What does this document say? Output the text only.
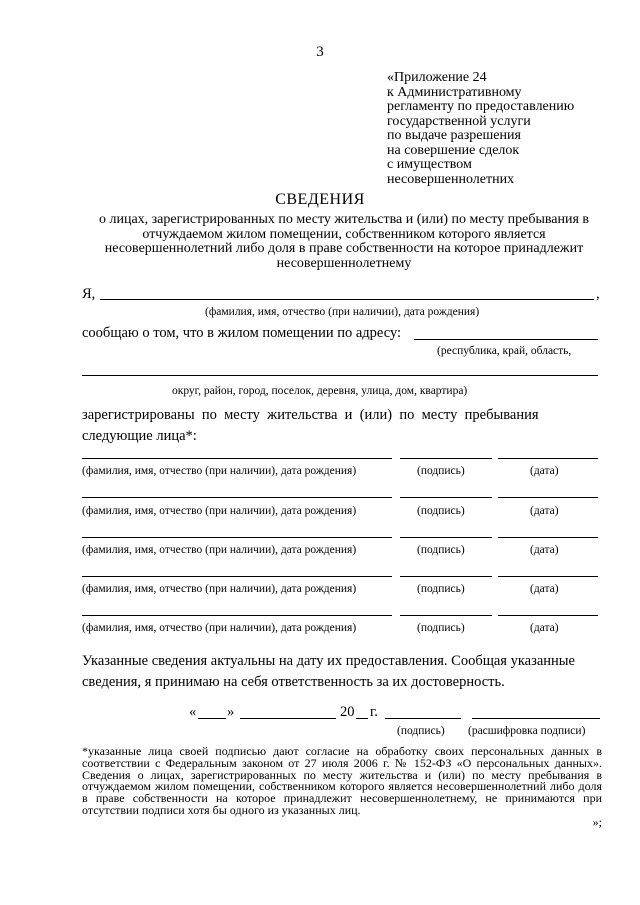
3
«Приложение 24
к Административному
регламенту по предоставлению
государственной услуги
по выдаче разрешения
на совершение сделок
с имуществом
несовершеннолетних
СВЕДЕНИЯ
о лицах, зарегистрированных по месту жительства и (или) по месту пребывания в отчуждаемом жилом помещении, собственником которого является несовершеннолетний либо доля в праве собственности на которое принадлежит несовершеннолетнему
Я,	,
(фамилия, имя, отчество (при наличии), дата рождения)
сообщаю о том, что в жилом помещении по адресу:
(республика, край, область,
округ, район, город, поселок, деревня, улица, дом, квартира)
зарегистрированы  по  месту  жительства  и  (или)  по  месту  пребывания
следующие лица*:
(фамилия, имя, отчество (при наличии), дата рождения)	(подпись)	(дата)
(фамилия, имя, отчество (при наличии), дата рождения)	(подпись)	(дата)
(фамилия, имя, отчество (при наличии), дата рождения)	(подпись)	(дата)
(фамилия, имя, отчество (при наличии), дата рождения)	(подпись)	(дата)
(фамилия, имя, отчество (при наличии), дата рождения)	(подпись)	(дата)
Указанные сведения актуальны на дату их предоставления. Сообщая указанные
сведения, я принимаю на себя ответственность за их достоверность.
« »	20 г.
(подпись) (расшифровка подписи)
*указанные лица своей подписью дают согласие на обработку своих персональных данных в соответствии с Федеральным законом от 27 июля 2006 г. № 152-ФЗ «О персональных данных». Сведения о лицах, зарегистрированных по месту жительства и (или) по месту пребывания в отчуждаемом жилом помещении, собственником которого является несовершеннолетний либо доля в праве собственности на которое принадлежит несовершеннолетнему, не принимаются при отсутствии подписи хотя бы одного из указанных лиц.
»;
